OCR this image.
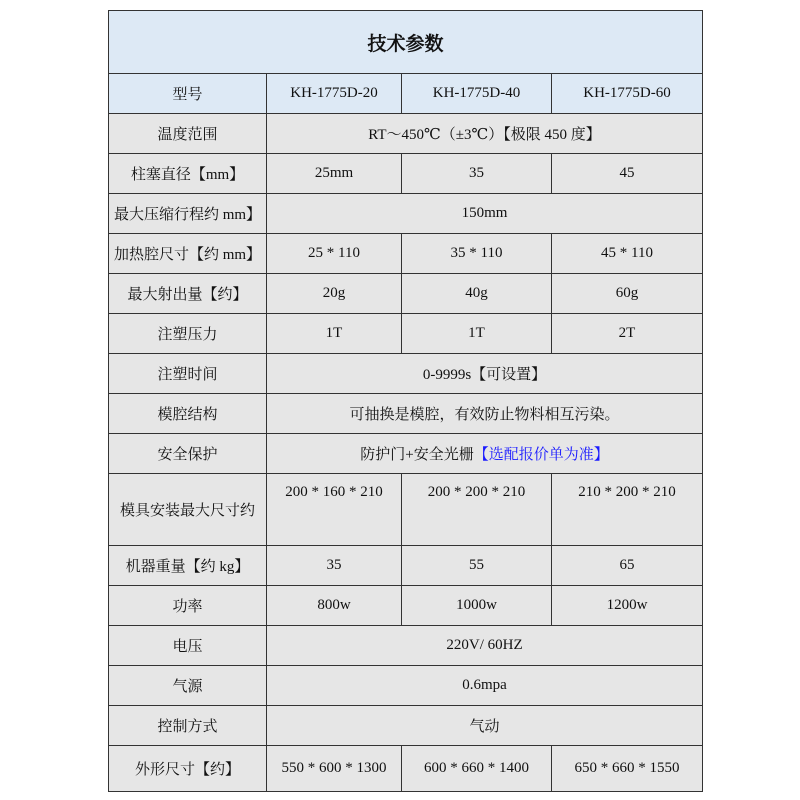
技术参数			
型号	KH-1775D-20	KH-1775D-40	KH-1775D-60
温度范围	RT～450℃（±3℃）【极限 450 度】		
柱塞直径【mm】	25mm	35	45
最大压缩行程约 mm】	150mm		
加热腔尺寸【约 mm】	25 * 110	35 * 110	45 * 110
最大射出量【约】	20g	40g	60g
注塑压力	1T	1T	2T
注塑时间	0-9999s【可设置】		
模腔结构	可抽换是模腔，有效防止物料相互污染。		
安全保护	防护门+安全光栅【选配报价单为准】		
模具安装最大尺寸约	200 * 160 * 210	200 * 200 * 210	210 * 200 * 210
机器重量【约 kg】	35	55	65
功率	800w	1000w	1200w
电压	220V/ 60HZ		
气源	0.6mpa		
控制方式	气动		
外形尺寸【约】	550 * 600 * 1300	600 * 660 * 1400	650 * 660 * 1550
